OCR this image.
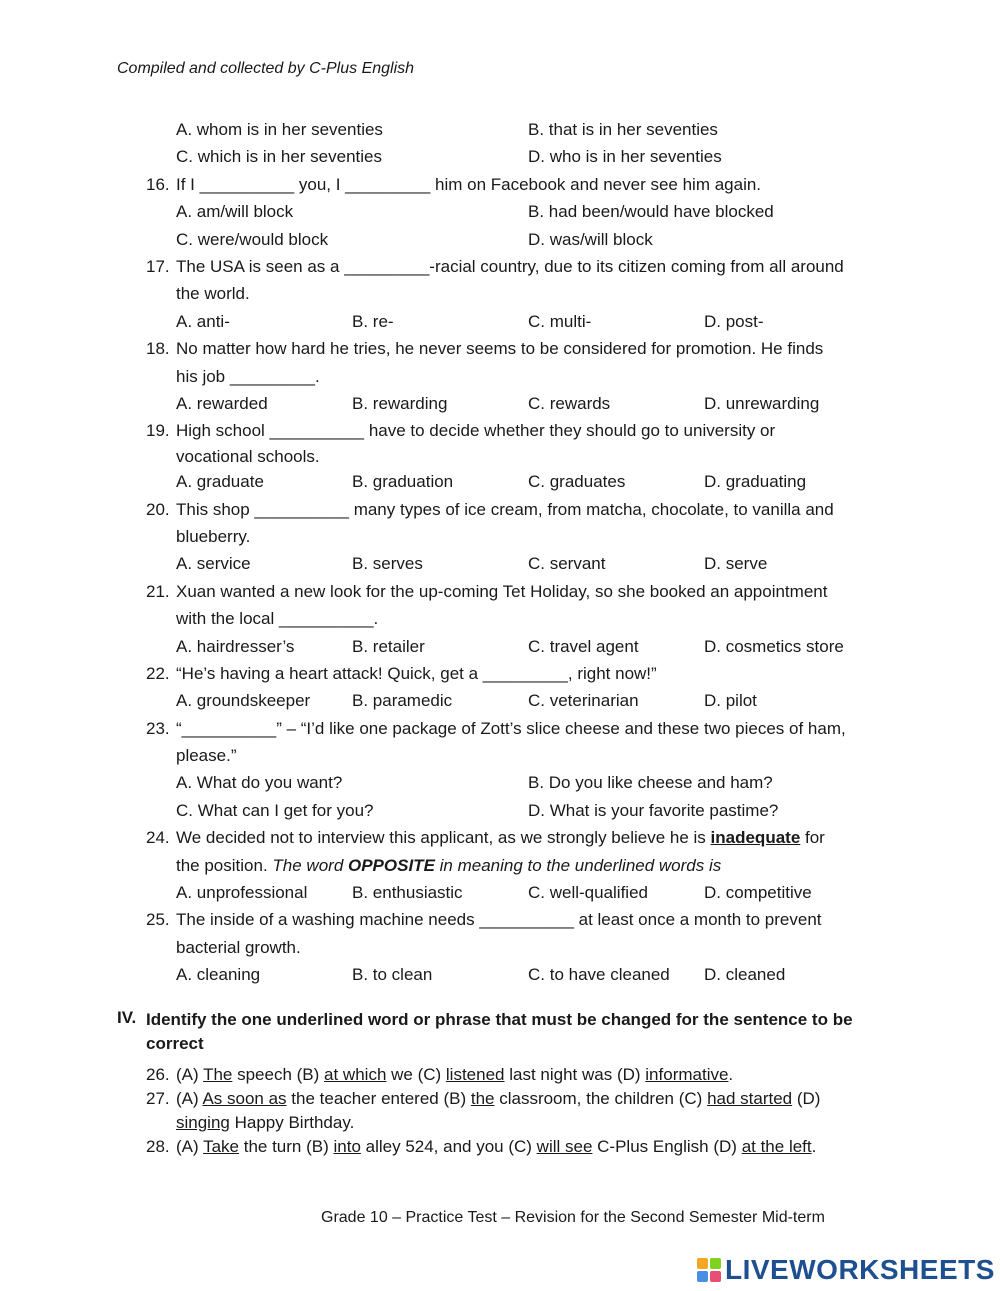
Compiled and collected by C-Plus English
A. whom is in her seventies	B. that is in her seventies
C. which is in her seventies	D. who is in her seventies
16. If I __________ you, I _________ him on Facebook and never see him again.
A. am/will block	B. had been/would have blocked
C. were/would block	D. was/will block
17. The USA is seen as a _________-racial country, due to its citizen coming from all around
the world.
A. anti-	B. re-	C. multi-	D. post-
18. No matter how hard he tries, he never seems to be considered for promotion. He finds
his job _________.
A. rewarded	B. rewarding	C. rewards	D. unrewarding
19. High school __________ have to decide whether they should go to university or
vocational schools.
A. graduate	B. graduation	C. graduates	D. graduating
20. This shop __________ many types of ice cream, from matcha, chocolate, to vanilla and
blueberry.
A. service	B. serves	C. servant	D. serve
21. Xuan wanted a new look for the up-coming Tet Holiday, so she booked an appointment
with the local __________.
A. hairdresser’s	B. retailer	C. travel agent	D. cosmetics store
22. “He’s having a heart attack! Quick, get a _________, right now!”
A. groundskeeper B. paramedic	C. veterinarian	D. pilot
23. “__________” – “I’d like one package of Zott’s slice cheese and these two pieces of ham,
please.”
A. What do you want?	B. Do you like cheese and ham?
C. What can I get for you?	D. What is your favorite pastime?
24. We decided not to interview this applicant, as we strongly believe he is inadequate for
the position. The word OPPOSITE in meaning to the underlined words is
A. unprofessional	B. enthusiastic	C. well-qualified	D. competitive
25. The inside of a washing machine needs __________ at least once a month to prevent
bacterial growth.
A. cleaning	B. to clean	C. to have cleaned D. cleaned
IV. Identify the one underlined word or phrase that must be changed for the sentence to be correct
26. (A) The speech (B) at which we (C) listened last night was (D) informative.
27. (A) As soon as the teacher entered (B) the classroom, the children (C) had started (D)
singing Happy Birthday.
28. (A) Take the turn (B) into alley 524, and you (C) will see C-Plus English (D) at the left.
Grade 10 – Practice Test – Revision for the Second Semester Mid-term
LIVEWORKSHEETS
